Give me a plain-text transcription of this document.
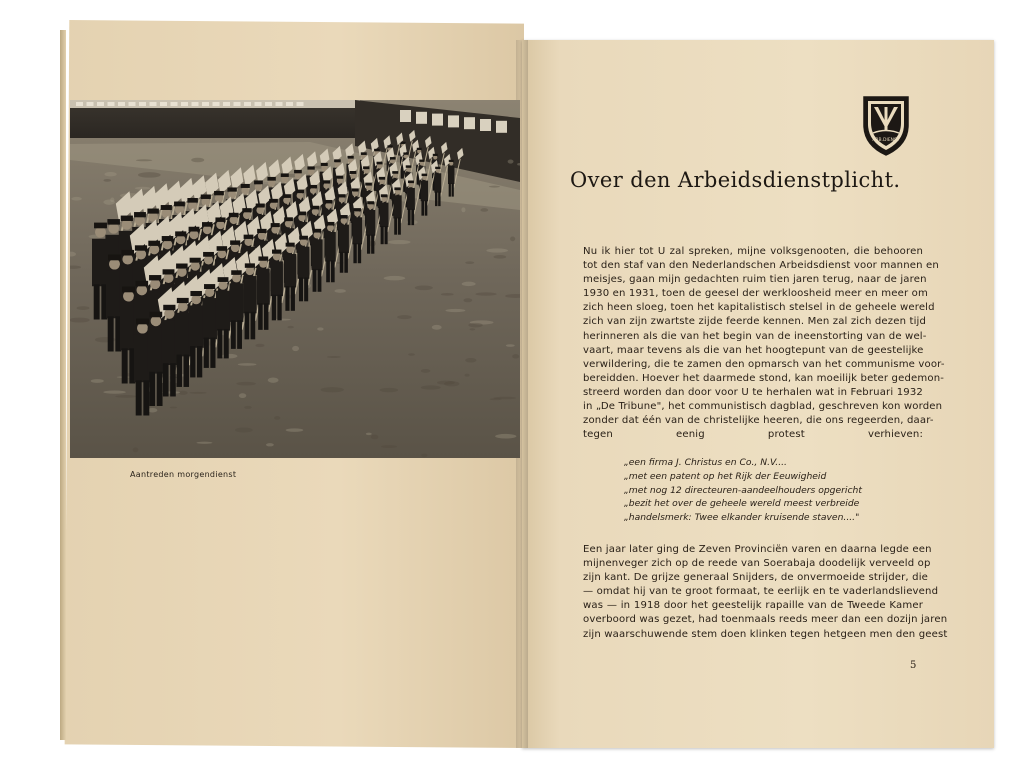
Aantreden morgendienst
ARB.DIENST
Over den Arbeidsdienstplicht.
Nu ik hier tot U zal spreken, mijne volksgenooten, die behooren
tot den staf van den Nederlandschen Arbeidsdienst voor mannen en
meisjes, gaan mijn gedachten ruim tien jaren terug, naar de jaren
1930 en 1931, toen de geesel der werkloosheid meer en meer om
zich heen sloeg, toen het kapitalistisch stelsel in de geheele wereld
zich van zijn zwartste zijde feerde kennen. Men zal zich dezen tijd
herinneren als die van het begin van de ineenstorting van de wel-
vaart, maar tevens als die van het hoogtepunt van de geestelijke
verwildering, die te zamen den opmarsch van het communisme voor-
bereidden. Hoever het daarmede stond, kan moeilijk beter gedemon-
streerd worden dan door voor U te herhalen wat in Februari 1932
in „De Tribune", het communistisch dagblad, geschreven kon worden
zonder dat één van de christelijke heeren, die ons regeerden, daar-
tegen eenig protest verhieven:
„een firma J. Christus en Co., N.V....
„met een patent op het Rijk der Eeuwigheid
„met nog 12 directeuren-aandeelhouders opgericht
„bezit het over de geheele wereld meest verbreide
„handelsmerk: Twee elkander kruisende staven...."
Een jaar later ging de Zeven Provinciën varen en daarna legde een
mijnenveger zich op de reede van Soerabaja doodelijk verveeld op
zijn kant. De grijze generaal Snijders, de onvermoeide strijder, die
— omdat hij van te groot formaat, te eerlijk en te vaderlandslievend
was — in 1918 door het geestelijk rapaille van de Tweede Kamer
overboord was gezet, had toenmaals reeds meer dan een dozijn jaren
zijn waarschuwende stem doen klinken tegen hetgeen men den geest
5
